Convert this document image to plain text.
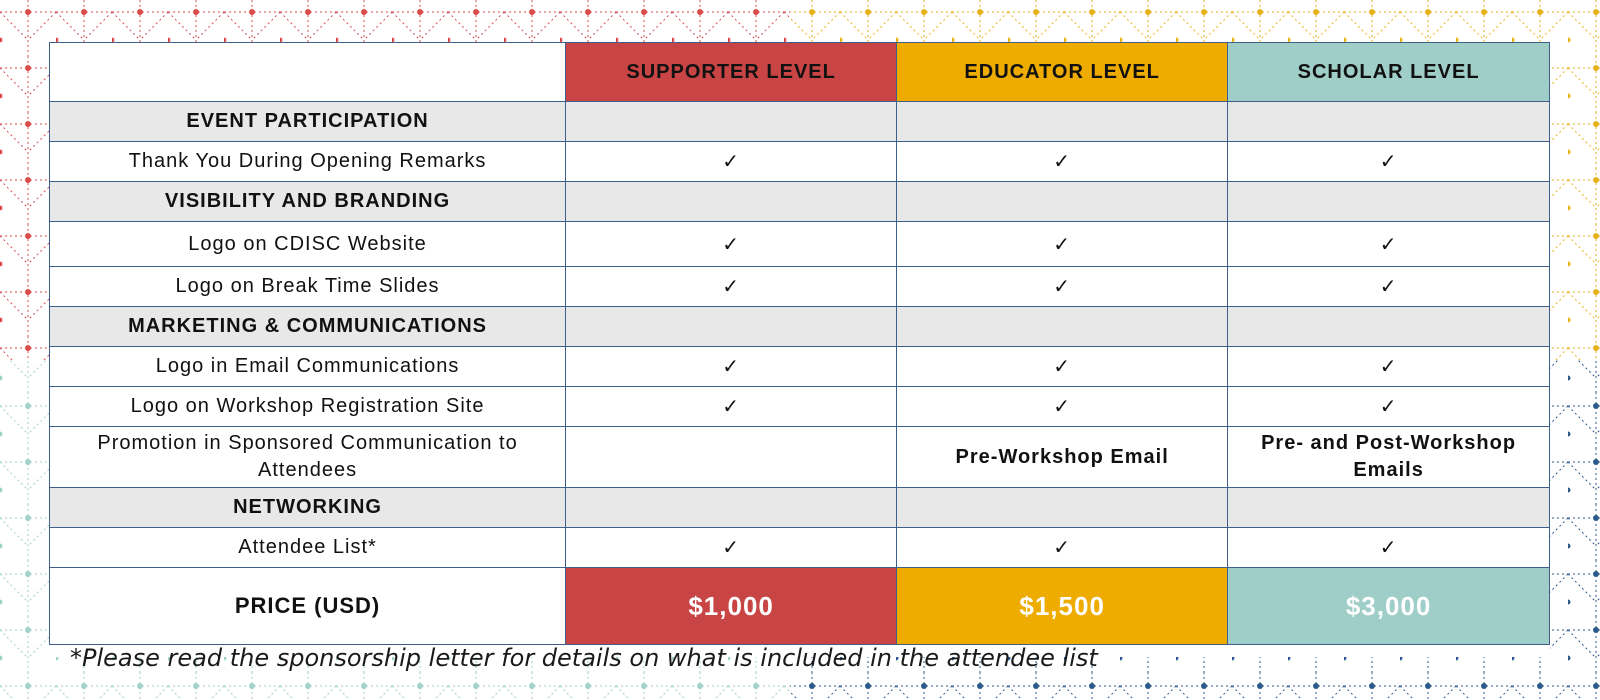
	SUPPORTER LEVEL	EDUCATOR LEVEL	SCHOLAR LEVEL
EVENT PARTICIPATION			
Thank You During Opening Remarks	✓	✓	✓
VISIBILITY AND BRANDING			
Logo on CDISC Website	✓	✓	✓
Logo on Break Time Slides	✓	✓	✓
MARKETING & COMMUNICATIONS			
Logo in Email Communications	✓	✓	✓
Logo on Workshop Registration Site	✓	✓	✓
Promotion in Sponsored Communication to Attendees		Pre-Workshop Email	Pre- and Post-Workshop Emails
NETWORKING			
Attendee List*	✓	✓	✓
PRICE (USD)	$1,000	$1,500	$3,000
*Please read the sponsorship letter for details on what is included in the attendee list
